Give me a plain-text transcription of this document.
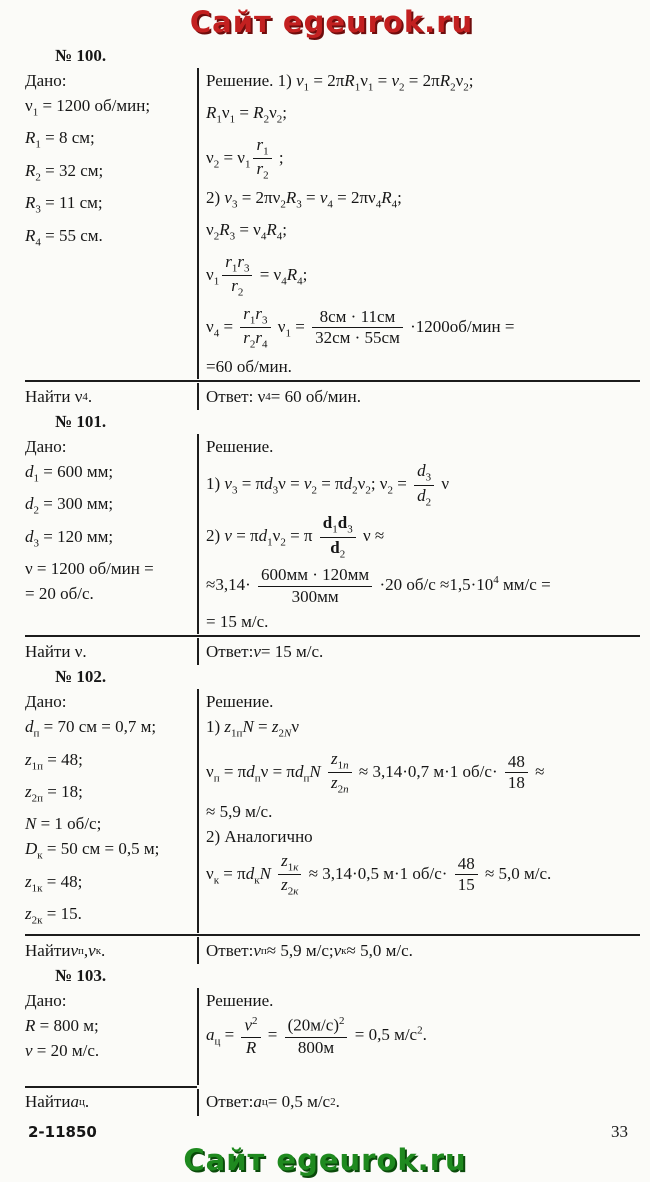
Сайт egeurok.ru
№ 100.
Дано:
$\nu_1 = 1200$ об/мин;
$R_1 = 8$ см;
$R_2 = 32$ см;
$R_3 = 11$ см;
$R_4 = 55$ см.
Решение. 1) $v_1 = 2\pi R_1\nu_1 = v_2 = 2\pi R_2\nu_2$;
$R_1\nu_1 = R_2\nu_2$;
$\nu_2 = \nu_1 \frac{r_1}{r_2}$ ;
2) $v_3 = 2\pi\nu_2R_3 = v_4 = 2\pi\nu_4R_4$;
$\nu_2R_3 = \nu_4R_4$;
$\nu_1 \frac{r_1r_3}{r_2} = \nu_4R_4$;
$\nu_4 = \frac{r_1r_3}{r_2r_4} \nu_1$ =
8см · 11см
32см · 55см
·1200об/мин =
=60 об/мин.
Найти ν 4 .	Ответ: ν 4 = 60 об/мин.
№ 101.
Дано:
$d_1 = 600$ мм;
$d_2 = 300$ мм;
$d_3 = 120$ мм;
ν = 1200 об/мин =
= 20 об/с.
Решение.
1) $v_3 = \pi d_3\nu = v_2 = \pi d_2\nu_2$; $\nu_2 = \frac{d_3}{d_2}$ ν
2) $v = \pi d_1\nu_2 = \pi \frac{d_1d_3}{d_2}$ ν ≈
≈3,14·
600мм · 120мм
300мм
·20 $об/с \approx 1,5\cdot 10^4$ мм/с =
= 15 м/с.
Найти ν.	Ответ: v = 15 м/с.
№ 102.
Дано:
$d_п = 70$ см = 0,7 м;
$z_{1п} = 48$;
$z_{2п} = 18$;
N = 1 об/с;
$D_к = 50$ см = 0,5 м;
$z_{1к} = 48$;
$z_{2к} = 15$.
Решение.
1) $z_{1п}N = z_{2N}\nu$
$\nu_п = \pi d_п\nu = \pi d_пN$
$z_{1п}$
$z_{2п}$
≈ 3,14·0,7 м·1 $об/с\cdot \frac{48}{18}$ ≈
≈ 5,9 м/с.
2) Аналогично
$\nu_к = \pi d_кN$
$z_{1к}$
$z_{2к}$
≈ 3,14·0,5 м·1 $об/с\cdot \frac{48}{15} \approx 5,0$ м/с.
Найти v п , v к .	Ответ: v п ≈ 5,9 м/с; v к ≈ 5,0 м/с.
№ 103.
Дано:
R = 800 м;
v = 20 м/с.
Решение.
$a_ц = \frac{v^2}{R} = (20м/с)^2$
800м
= 0,5 $м/с^2$.
Найти a ц .	Ответ: a ц = 0,5 м/с 2 .
2-11850	33
Сайт egeurok.ru
